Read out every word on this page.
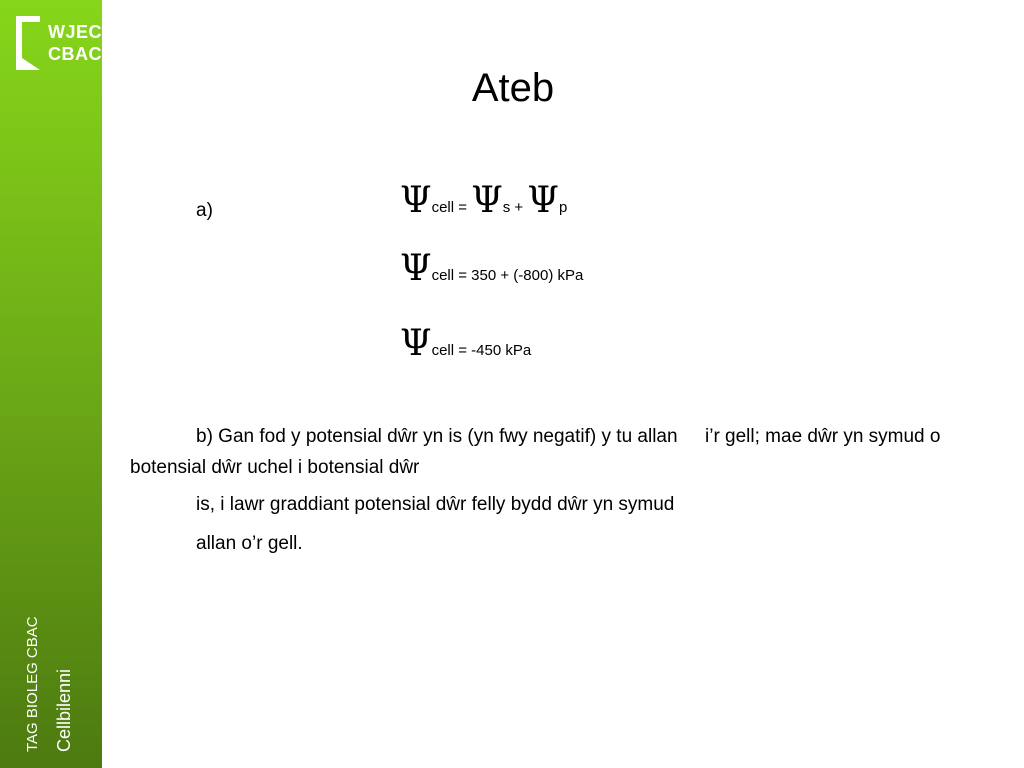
WJEC
CBAC
TAG BIOLEG CBAC Cellbilenni
Ateb
a)	Ψcell = Ψs + Ψp
Ψcell = 350 + (-800) kPa
Ψcell = -450 kPa
b) Gan fod y potensial dŵr yn is (yn fwy negatif) y tu allan i’r gell; mae dŵr yn symud o
botensial dŵr uchel i botensial dŵr
is, i lawr graddiant potensial dŵr felly bydd dŵr yn symud
allan o’r gell.
